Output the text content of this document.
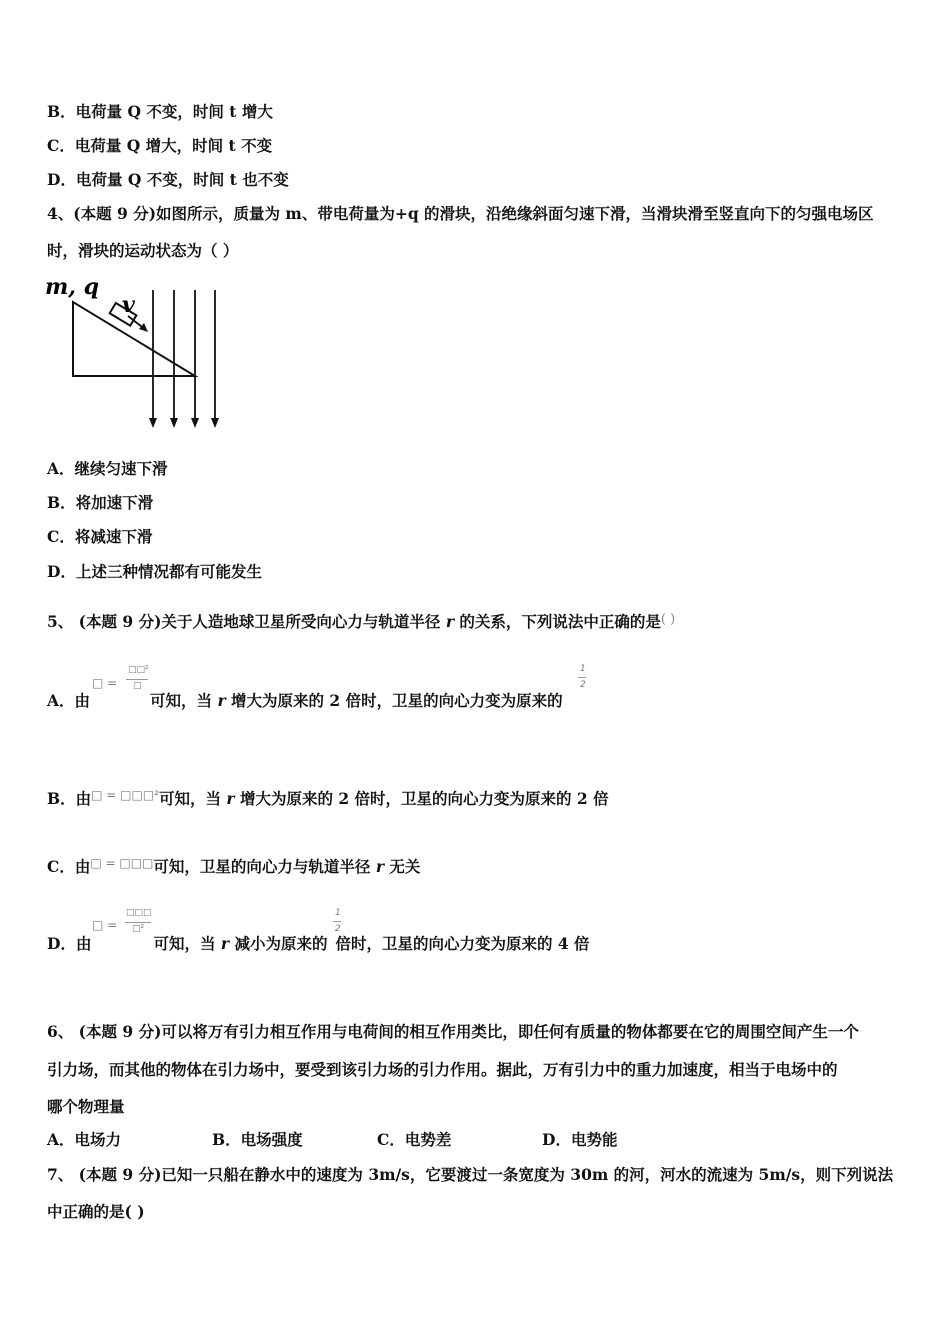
B．电荷量 Q 不变，时间 t 增大
C．电荷量 Q 增大，时间 t 不变
D．电荷量 Q 不变，时间 t 也不变
4、(本题 9 分)如图所示，质量为 m、带电荷量为+q 的滑块，沿绝缘斜面匀速下滑，当滑块滑至竖直向下的匀强电场区
时，滑块的运动状态为（ ）
m, q
v
A．继续匀速下滑
B．将加速下滑
C．将减速下滑
D．上述三种情况都有可能发生
5、 (本题 9 分)关于人造地球卫星所受向心力与轨道半径 r 的关系，下列说法中正确的是( )
A．由	可知，当 r 增大为原来的 2 倍时，卫星的向心力变为原来的
□ =
□□²
□
1
2
B．由$^{□ = □□□^2}$可知，当 r 增大为原来的 2 倍时，卫星的向心力变为原来的 2 倍
C．由□ = □□□可知，卫星的向心力与轨道半径 r 无关
D．由	可知，当 r 减小为原来的 倍时，卫星的向心力变为原来的 4 倍
□ =
□□□
□²
1
2
6、 (本题 9 分)可以将万有引力相互作用与电荷间的相互作用类比，即任何有质量的物体都要在它的周围空间产生一个
引力场，而其他的物体在引力场中，要受到该引力场的引力作用。据此，万有引力中的重力加速度，相当于电场中的
哪个物理量
A．电场力	B．电场强度	C．电势差	D．电势能
7、 (本题 9 分)已知一只船在静水中的速度为 3m/s，它要渡过一条宽度为 30m 的河，河水的流速为 5m/s，则下列说法
中正确的是( )
